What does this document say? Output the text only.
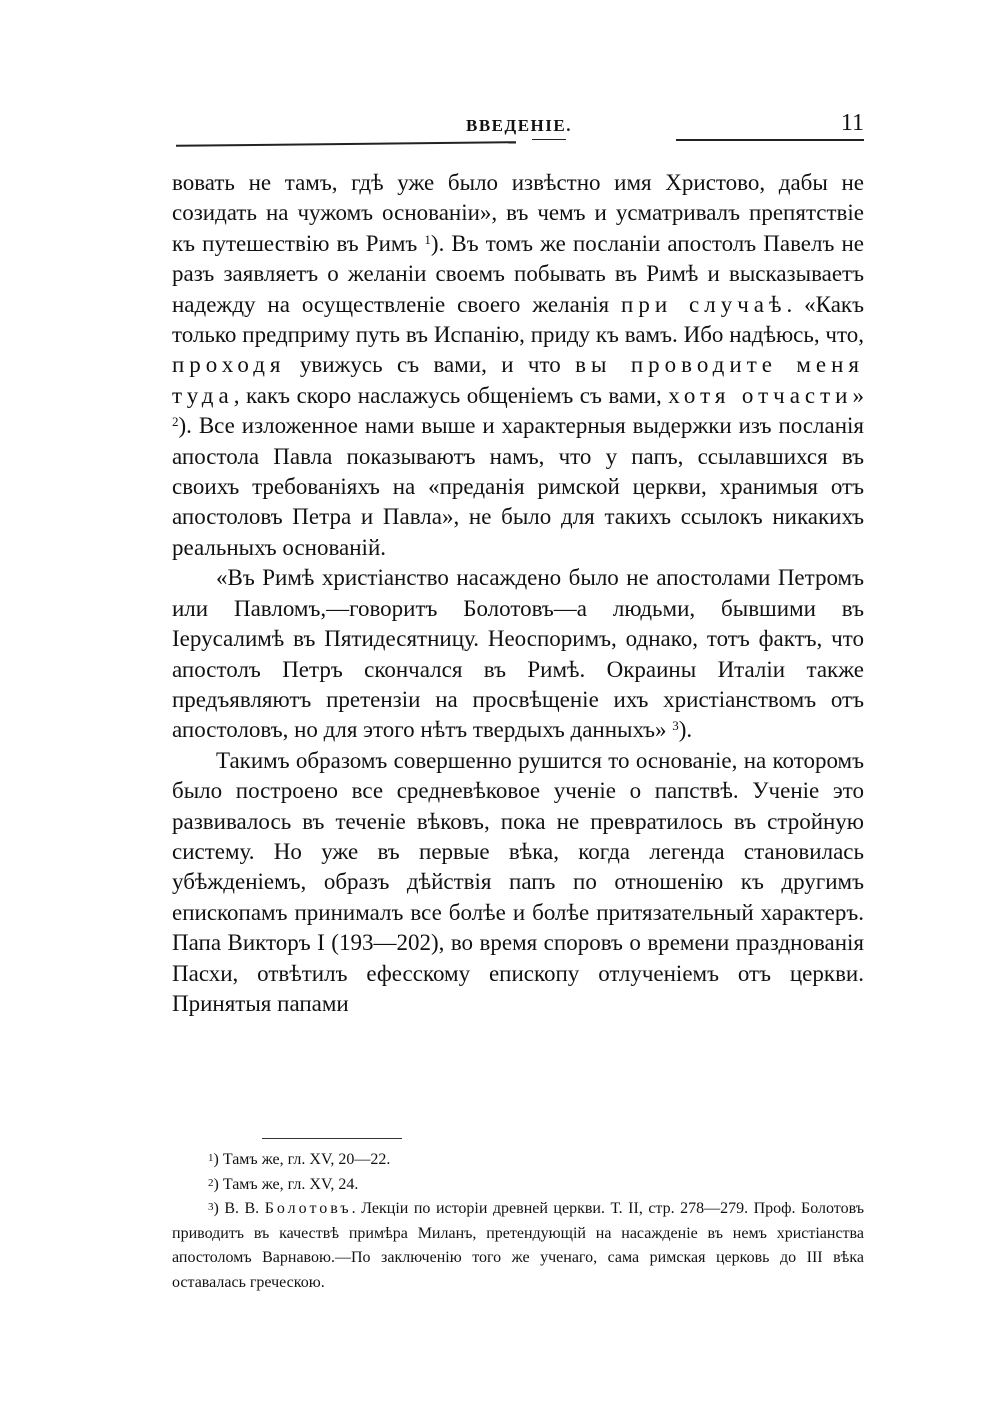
ВВЕДЕНІЕ.	11

вовать не тамъ, гдѣ уже было извѣстно имя Христово, дабы не созидать на чужомъ основаніи», въ чемъ и усматривалъ препятствіе къ путешествію въ Римъ $^1$). Въ томъ же посланіи апостолъ Павелъ не разъ заявляетъ о желаніи своемъ побывать въ Римѣ и высказываетъ надежду на осуществленіе своего желанія при случаѣ. «Какъ только предприму путь въ Испанію, приду къ вамъ. Ибо надѣюсь, что, проходя увижусь съ вами, и что вы проводите меня туда, какъ скоро наслажусь общеніемъ съ вами, хотя отчасти» $^2$). Все изложенное нами выше и характерныя выдержки изъ посланія апостола Павла показываютъ намъ, что у папъ, ссылавшихся въ своихъ требованіяхъ на «преданія римской церкви, хранимыя отъ апостоловъ Петра и Павла», не было для такихъ ссылокъ никакихъ реальныхъ основаній.

«Въ Римѣ христіанство насаждено было не апостолами Петромъ или Павломъ,—говоритъ Болотовъ—а людьми, бывшими въ Іерусалимѣ въ Пятидесятницу. Неоспоримъ, однако, тотъ фактъ, что апостолъ Петръ скончался въ Римѣ. Окраины Италіи также предъявляютъ претензіи на просвѣщеніе ихъ христіанствомъ отъ апостоловъ, но для этого нѣтъ твердыхъ данныхъ» $^3$).

Такимъ образомъ совершенно рушится то основаніе, на которомъ было построено все средневѣковое ученіе о папствѣ. Ученіе это развивалось въ теченіе вѣковъ, пока не превратилось въ стройную систему. Но уже въ первые вѣка, когда легенда становилась убѣжденіемъ, образъ дѣйствія папъ по отношенію къ другимъ епископамъ принималъ все болѣе и болѣе притязательный характеръ. Папа Викторъ I (193—202), во время споровъ о времени празднованія Пасхи, отвѣтилъ ефесскому епископу отлученіемъ отъ церкви. Принятыя папами

$^1$) Тамъ же, гл. XV, 20—22.

$^2$) Тамъ же, гл. XV, 24.

$^3$) В. В. Болотовъ. Лекціи по исторіи древней церкви. Т. II, стр. 278—279. Проф. Болотовъ приводитъ въ качествѣ примѣра Миланъ, претендующій на насажденіе въ немъ христіанства апостоломъ Варнавою.—По заключенію того же ученаго, сама римская церковь до III вѣка оставалась греческою.
